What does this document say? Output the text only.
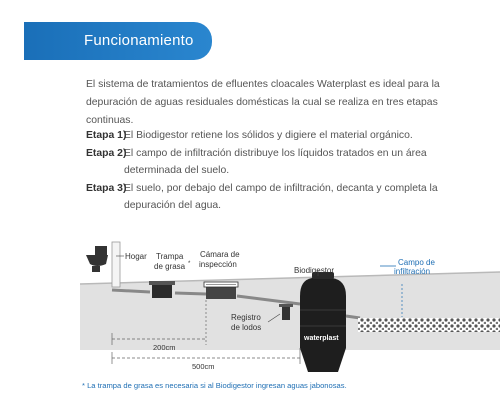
Funcionamiento

El sistema de tratamientos de efluentes cloacales Waterplast es ideal para la depuración de aguas residuales domésticas la cual se realiza en tres etapas continuas.

Etapa 1)
El Biodigestor retiene los sólidos y digiere el material orgánico.
Etapa 2)
El campo de infiltración distribuye los líquidos tratados en un área determinada del suelo.
Etapa 3)
El suelo, por debajo del campo de infiltración, decanta y completa la depuración del agua.
Hogar Trampa
de grasa *
Cámara de
inspección
Registro
de lodos
waterplast
Biodigestor
Campo de
infiltración
200cm
500cm
* La trampa de grasa es necesaria si al Biodigestor ingresan aguas jabonosas.
